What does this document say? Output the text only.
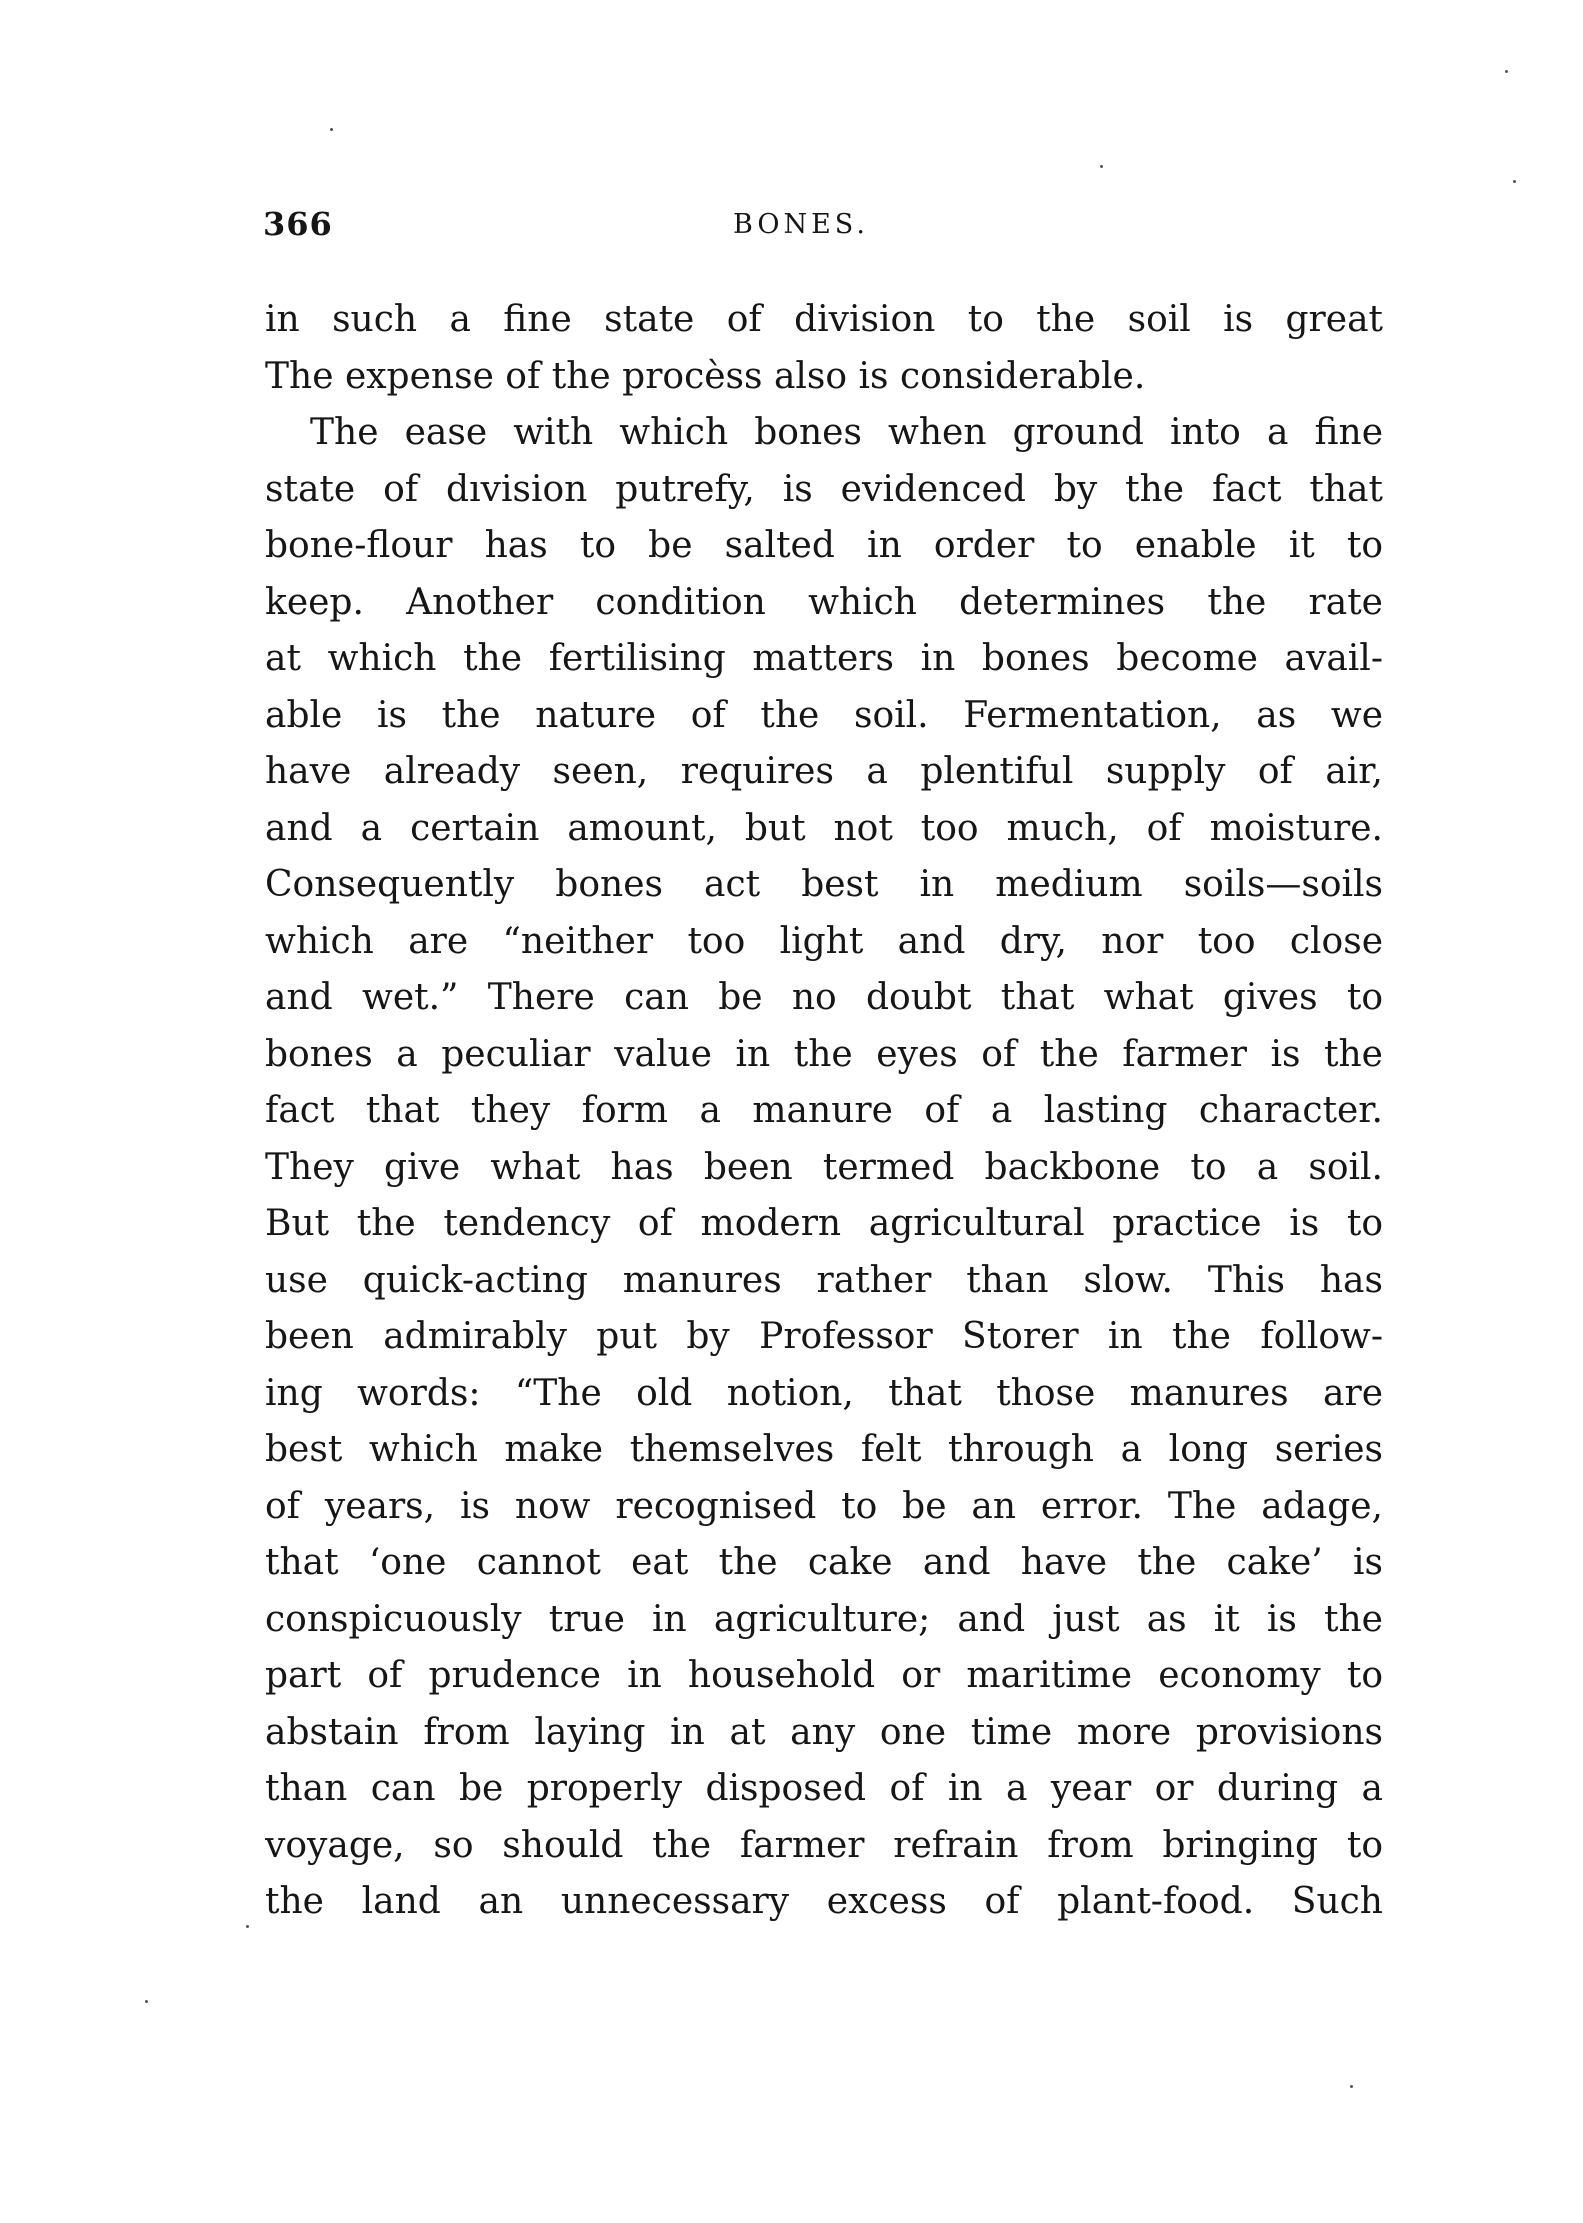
366	BONES.
in such a fine state of division to the soil is great
The expense of the procèss also is considerable.
The ease with which bones when ground into a fine
state of dıvision putrefy, is evidenced by the fact that
bone-flour has to be salted in order to enable it to
keep. Another condition which determines the rate
at which the fertilising matters in bones become avail-
able is the nature of the soil. Fermentation, as we
have already seen, requires a plentiful supply of air,
and a certain amount, but not too much, of moisture.
Consequently bones act best in medium soils—soils
which are “neither too light and dry, nor too close
and wet.” There can be no doubt that what gives to
bones a peculiar value in the eyes of the farmer is the
fact that they form a manure of a lasting character.
They give what has been termed backbone to a soil.
But the tendency of modern agricultural practice is to
use quick-acting manures rather than slow. This has
been admirably put by Professor Storer in the follow-
ing words: “The old notion, that those manures are
best which make themselves felt through a long series
of years, is now recognised to be an error. The adage,
that ‘one cannot eat the cake and have the cake’ is
conspicuously true in agriculture; and just as it is the
part of prudence in household or maritime economy to
abstain from laying in at any one time more provisions
than can be properly disposed of in a year or during a
voyage, so should the farmer refrain from bringing to
the land an unnecessary excess of plant-food. Such
